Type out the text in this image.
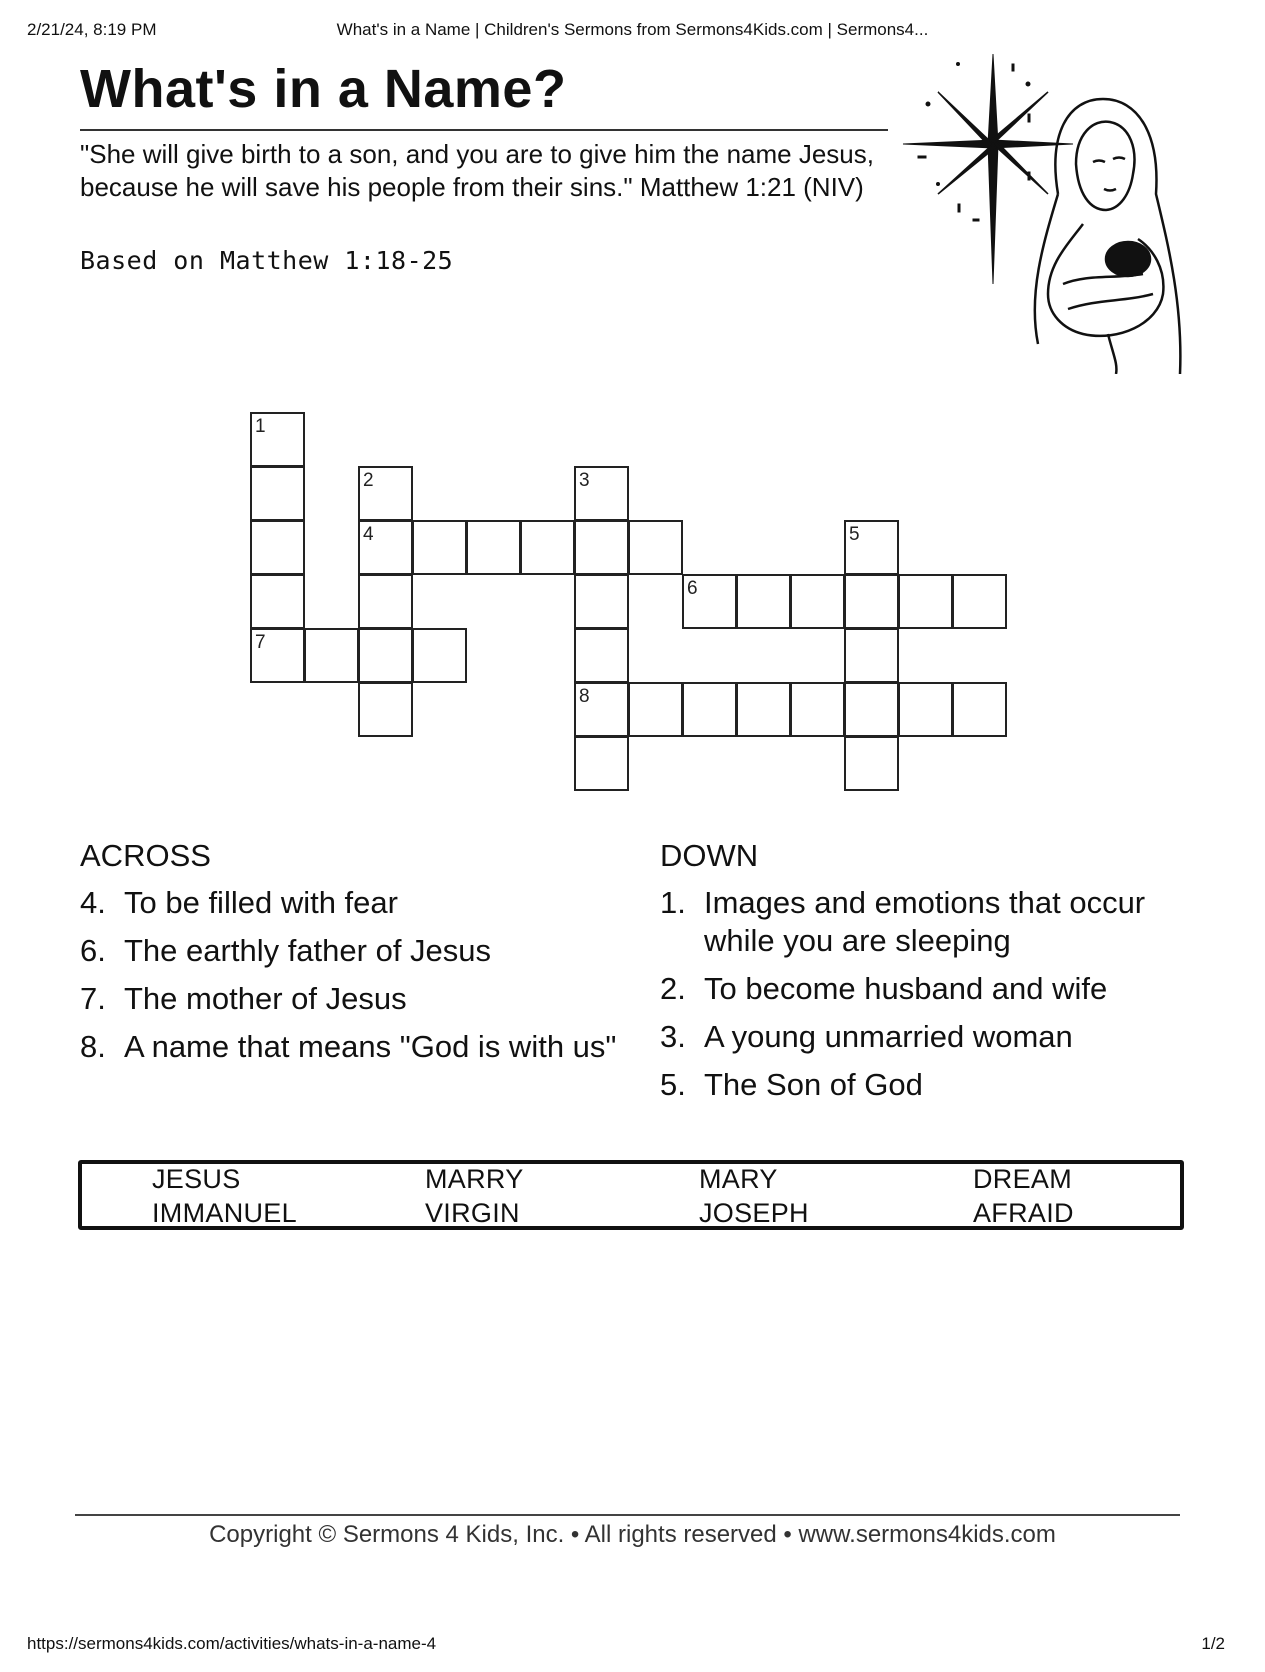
2/21/24, 8:19 PM	What's in a Name | Children's Sermons from Sermons4Kids.com | Sermons4...
What's in a Name?
"She will give birth to a son, and you are to give him the name Jesus, because he will save his people from their sins." Matthew 1:21 (NIV)
Based on Matthew 1:18-25
1
7
2
4
3
8
6
5
ACROSS
4. To be filled with fear
6. The earthly father of Jesus
7. The mother of Jesus
8. A name that means "God is with us"
DOWN
1. Images and emotions that occur while you are sleeping
2. To become husband and wife
3. A young unmarried woman
5. The Son of God
JESUS	MARRY	MARY	DREAM
IMMANUEL	VIRGIN	JOSEPH	AFRAID
Copyright © Sermons 4 Kids, Inc. • All rights reserved • www.sermons4kids.com
https://sermons4kids.com/activities/whats-in-a-name-4	1/2
